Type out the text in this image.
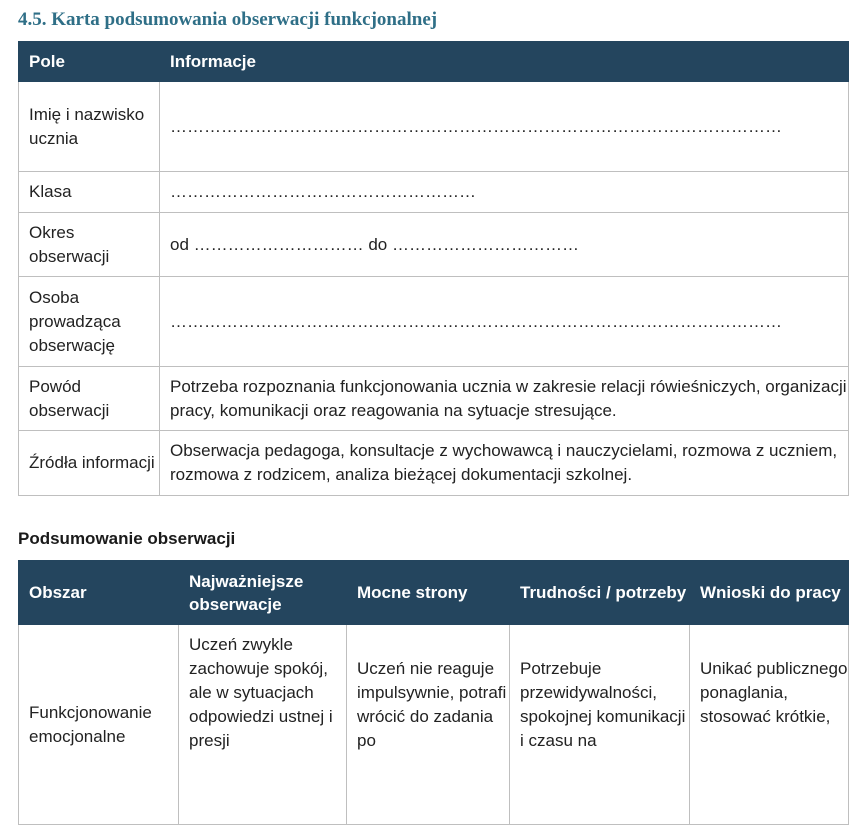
4.5. Karta podsumowania obserwacji funkcjonalnej
Pole	Informacje
Imię i nazwisko ucznia	………………………………………………………………………………………………
Klasa	………………………………………………
Okres obserwacji	od ………………………… do ……………………………
Osoba prowadząca obserwację	………………………………………………………………………………………………
Powód obserwacji	Potrzeba rozpoznania funkcjonowania ucznia w zakresie relacji rówieśniczych, organizacji pracy, komunikacji oraz reagowania na sytuacje stresujące.
Źródła informacji	Obserwacja pedagoga, konsultacje z wychowawcą i nauczycielami, rozmowa z uczniem, rozmowa z rodzicem, analiza bieżącej dokumentacji szkolnej.
Podsumowanie obserwacji
Obszar	Najważniejsze obserwacje	Mocne strony	Trudności / potrzeby	Wnioski do pracy
Funkcjonowanie emocjonalne	Uczeń zwykle zachowuje spokój, ale w sytuacjach odpowiedzi ustnej i presji	Uczeń nie reaguje impulsywnie, potrafi wrócić do zadania po	Potrzebuje przewidywalności, spokojnej komunikacji i czasu na	Unikać publicznego ponaglania, stosować krótkie,
